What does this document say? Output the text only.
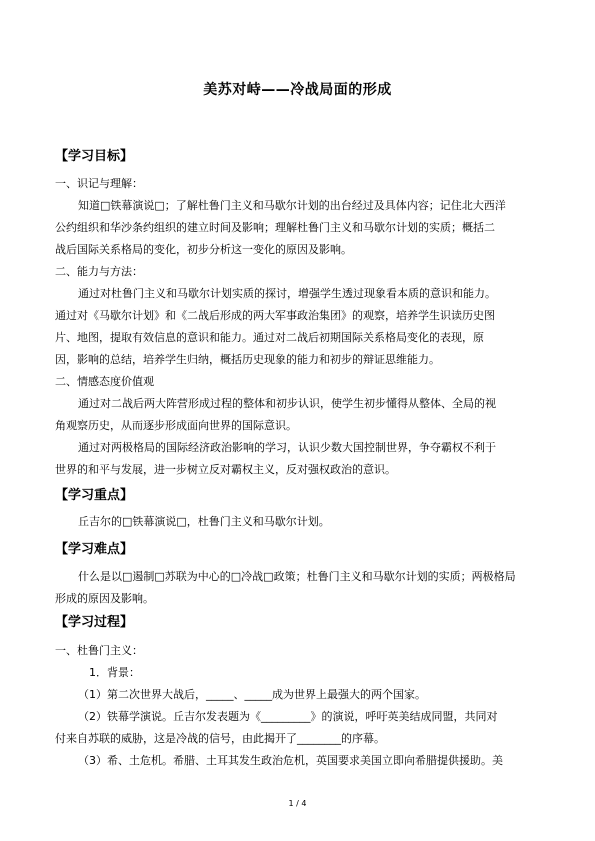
美苏对峙——冷战局面的形成
【学习目标】
一、识记与理解：
知道□铁幕演说□；了解杜鲁门主义和马歇尔计划的出台经过及具体内容；记住北大西洋
公约组织和华沙条约组织的建立时间及影响；理解杜鲁门主义和马歇尔计划的实质；概括二
战后国际关系格局的变化，初步分析这一变化的原因及影响。
二、能力与方法：
通过对杜鲁门主义和马歇尔计划实质的探讨，增强学生透过现象看本质的意识和能力。
通过对《马歇尔计划》和《二战后形成的两大军事政治集团》的观察，培养学生识读历史图
片、地图，提取有效信息的意识和能力。通过对二战后初期国际关系格局变化的表现，原
因，影响的总结，培养学生归纳，概括历史现象的能力和初步的辩证思维能力。
二、情感态度价值观
通过对二战后两大阵营形成过程的整体和初步认识，使学生初步懂得从整体、全局的视
角观察历史，从而逐步形成面向世界的国际意识。
通过对两极格局的国际经济政治影响的学习，认识少数大国控制世界，争夺霸权不利于
世界的和平与发展，进一步树立反对霸权主义，反对强权政治的意识。
【学习重点】
丘吉尔的□铁幕演说□，杜鲁门主义和马歇尔计划。
【学习难点】
什么是以□遏制□苏联为中心的□冷战□政策；杜鲁门主义和马歇尔计划的实质；两极格局
形成的原因及影响。
【学习过程】
一、杜鲁门主义：
1．背景：
（1）第二次世界大战后，_____、_____成为世界上最强大的两个国家。
（2）铁幕学演说。丘吉尔发表题为《_________》的演说，呼吁英美结成同盟，共同对
付来自苏联的威胁，这是冷战的信号，由此揭开了________的序幕。
（3）希、土危机。希腊、土耳其发生政治危机，英国要求美国立即向希腊提供援助。美
1 / 4
